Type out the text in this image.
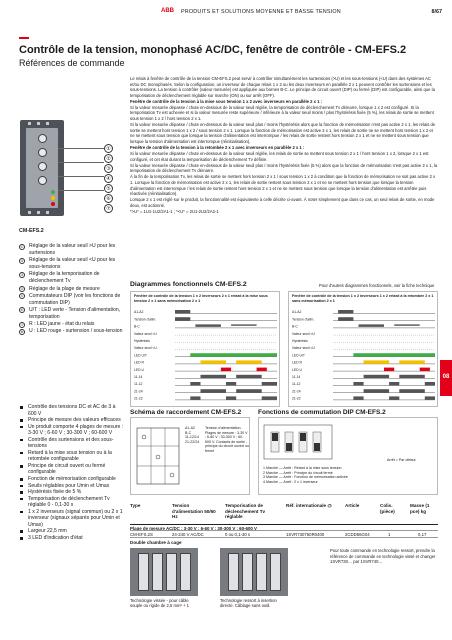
ABB PRODUITS ET SOLUTIONS MOYENNE ET BASSE TENSION	8/67
Contrôle de la tension, monophasé AC/DC, fenêtre de contrôle - CM-EFS.2
Références de commande
①
②
③
④
⑤
⑥
⑦
CM-EFS.2
① Réglage de la valeur seuil >U pour les surtensions
② Réglage de la valeur seuil <U pour les sous-tensions
③ Réglage de la temporisation de déclenchement Tv
④ Réglage de la plage de mesure
⑤ Commutateurs DIP (voir les fonctions de commutation DIP)
⑥ U/T : LED verte - Tension d'alimentation, temporisation
⑦ R : LED jaune - état du relais
⑧ U : LED rouge - surtension / sous-tension
Contrôle des tensions DC et AC de 3 à 600 V
Principe de mesure des valeurs efficaces
Un produit comporte 4 plages de mesure : 3-30 V ; 6-60 V ; 30-300 V ; 60-600 V
Contrôle des surtensions et des sous-tensions
Retard à la mise sous tension ou à la retombée configurable
Principe de circuit ouvert ou fermé configurable
Fonction de mémorisation configurable
Seuils réglables pour Umin et Umax
Hystérésis fixée de 5 %
Temporisation de déclenchement Tv réglable 0 - 0,1-30 s
1 x 2 inverseurs (signal commun) ou 2 x 1 inverseur (signaux séparés pour Umin et Umax)
Largeur 22,5 mm
3 LED d'indication d'état

Le relais à fenêtre de contrôle de la tension CM-EFS.2 peut servir à contrôler simultanément les surtensions (>U) et les sous-tensions (<U) dans des systèmes AC et/ou DC monophasés. Selon la configuration, un inverseur de chaque relais 1 x 2 ou les deux inverseurs en parallèle 2 x 1 peuvent contrôler les surtensions et les sous-tensions. La tension à contrôler (valeur mesurée) est appliquée aux bornes B-C. Le principe de circuit ouvert (DIP) ou fermé (DIP) est configurable, ainsi que la temporisation de déclenchement réglable sur marche (ON) ou sur arrêt (OFF).

Fenêtre de contrôle de la tension à la mise sous tension 1 x 2 avec inverseurs en parallèle 2 x 1 :

Si la valeur mesurée dépasse / chute en-dessous de la valeur seuil réglée, la temporisation de déclenchement Tv démarre, lorsque 1 x 2 est configuré. Si la temporisation Tv est achevée et si la valeur mesurée reste supérieure / inférieure à la valeur seuil moins / plus l'hystérésis fixée (5 %), les relais de sortie se mettent sous tension 1 x 2 / hors tension 2 x 1.

Si la valeur mesurée dépasse / chute en-dessous de la valeur seuil plus / moins l'hystérésis alors que la fonction de mémorisation n'est pas active 2 x 1, les relais de sortie se mettent hors tension 1 x 2 / sous tension 2 x 1. Lorsque la fonction de mémorisation est active 2 x 1, les relais de sortie ne se mettent hors tension 1 x 2 et ne se mettent sous tension que lorsque la tension d'alimentation est interrompue / les relais de sortie restent hors tension 2 x 1 et ne se mettent sous tension que lorsque la tension d'alimentation est interrompue (réinitialisation).

Fenêtre de contrôle de la tension à la retombée 2 x 1 avec inverseurs en parallèle 2 x 1 :

Si la valeur mesurée dépasse / chute en-dessous de la valeur seuil réglée, les relais de sortie se mettent sous tension 2 x 1 / hors tension 1 x 2, lorsque 2 x 1 est configuré, et cet état durant la temporisation de déclenchement Tv définie.

Si la valeur mesurée dépasse / chute en-dessous de la valeur seuil plus / moins l'hystérésis fixée (5 %) alors que la fonction de mémorisation n'est pas active 2 x 1, la temporisation de déclenchement Tv démarre.

À la fin de la temporisation Tv, les relais de sortie se mettent hors tension 2 x 1 / sous tension 1 x 2 à condition que la fonction de mémorisation ne soit pas active 2 x 1. Lorsque la fonction de mémorisation est active 2 x 1, les relais de sortie restent sous tension 2 x 1 et ne se mettent hors tension que lorsque la tension d'alimentation est interrompue / les relais de sortie restent hors tension 2 x 1 et ne se mettent sous tension que lorsque la tension d'alimentation est arrêtée puis réactivée (réinitialisation).

Lorsque 2 x 1 est réglé sur le produit, la fonctionnalité est équivalente à celle décrite ci-avant. À noter simplement que dans ce cas, un seul relais de sortie, en mode deux, est actionné.

*>U* = 1U1-1U2/2A1-1 ; *<U* = 2U1-2U2/2A2-1

Diagrammes fonctionnels CM-EFS.2	Pour d'autres diagrammes fonctionnels, voir la fiche technique
Fenêtre de contrôle de la tension 1 x 2 inverseurs 2 x 1 retard à la mise sous tension 2 x 1 sans mémorisation 2 x 1
A1-A2
Tension d'alim.
B-C
Valeur seuil >U
Hystérésis
Valeur seuil <U
LED U/T
LED R
LED U
11-14
11-12
21-24
21-22
Fenêtre de contrôle de la tension 1 x 2 inverseurs 1 x 2 retard à la retombée 2 x 1 sans mémorisation 2 x 1
A1-A2
Tension d'alim.
B-C
Valeur seuil >U
Hystérésis
Valeur seuil <U
LED U/T
LED R
LED U
11-14
11-12
21-24
21-22
Schéma de raccordement CM-EFS.2	Fonctions de commutation DIP CM-EFS.2
A1-A2
B-C
11-12/14
21-22/24
Tension d'alimentation. Plages de mesure : 3-30 V ; 6-60 V ; 30-300 V ; 60-600 V. Contacts de sortie - principe du circuit ouvert ou fermé
Arrêt = Par défaut
1 Marche — Arrêt : Retard à la mise sous tension
2 Marche — Arrêt : Principe du circuit fermé
3 Marche — Arrêt : Fonction de mémorisation activée
4 Marche — Arrêt : 2 x 1 inverseur
Type	Tension d'alimentation 50/60 Hz
Temporisation de déclenchement Tv réglable
Réf. internationale @	Article	Colis. (pièce)
Masse (1 pce) kg
Plage de mesure AC/DC : 3-30 V ; 6-60 V ; 30-300 V ; 60-600 V
CM-EFS.2S	24-240 V AC/DC	0 ou 0,1-30 s	1SVR730750R0400	2CDD56G04	1	0,17
Double chambre à cage
Technologie vissée - pour câble souple ou rigide de 2,5 mm² + 1
Technologie ressort à insertion directe. Câblage sans outil.
Pour toute commande en technologie ressort, prendre la référence de commande en technologie vissé et changer 1SVR730… par 1SVR740…
08
